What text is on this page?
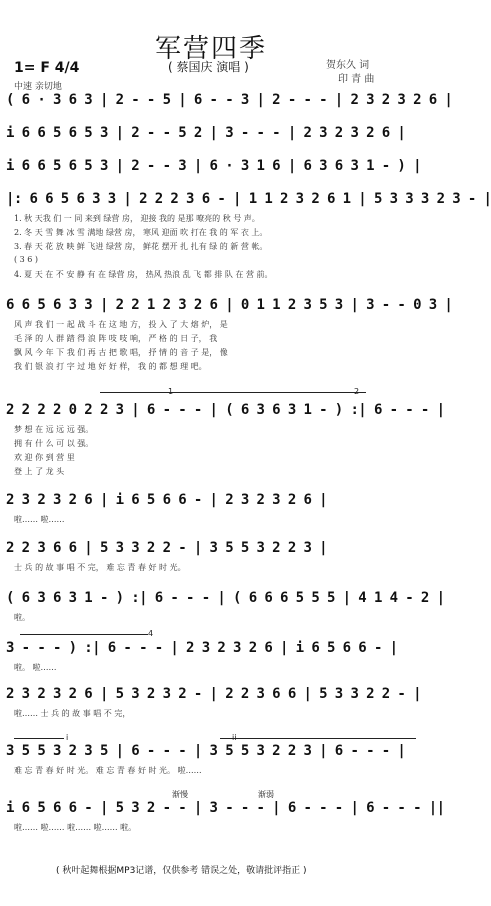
军营四季
( 蔡国庆 演唱 )	贺东久 词
印 青 曲
1= F 4/4
中速 亲切地
( 6 · 3 6 3 | 2 - - 5 | 6 - - 3 | 2 - - - | 2 3 2 3 2 6 |
i 6 6 5 6 5 3 | 2 - - 5 2 | 3 - - - | 2 3 2 3 2 6 |
i 6 6 5 6 5 3 | 2 - - 3 | 6 · 3 1 6 | 6 3 6 3 1 - ) |
|: 6 6 5 6 3 3 | 2 2 2 3 6 - | 1 1 2 3 2 6 1 | 5 3 3 3 2 3 - |
1. 秋 天我 们 一 同 来到 绿营 房， 迎接 我的 是那 嘹亮的 秋 号 声。
2. 冬 天 雪 舞 冰 雪 满地 绿营 房， 寒风 迎面 吹 打在 我 的 军 衣 上。
3. 春 天 花 放 映 鲜 飞进 绿营 房， 鲜花 摆开 扎 扎有 绿 的 新 营 帐。
( 3 6 )
4. 夏 天 在 不 安 静 有 在 绿营 房， 热风 热浪 乱 飞 都 排 队 在 营 前。
6 6 5 6 3 3 | 2 2 1 2 3 2 6 | 0 1 1 2 3 5 3 | 3 - - 0 3 |
风 声 我 们 一 起 战 斗 在 这 地 方， 投 入 了 大 熔 炉， 是
毛 泽 的 人 群 踏 得 浪 阵 吱 吱 响， 严 格 的 日 子， 我
飘 风 今 年 下 我 们 再 古 把 歌 唱， 抒 情 的 音 子 是， 像
我 们 银 浪 打 字 过 地 好 好 样， 我 的 都 想 理 吧。
2 2 2 2 0 2 2 3 | 6 - - - | ( 6 3 6 3 1 - ) :| 6 - - - |
梦 想 在 远 远 远 强。
拥 有 什 么 可 以 强。
欢 迎 你 到 营 里
登 上 了 龙 头
2 3 2 3 2 6 | i 6 5 6 6 - | 2 3 2 3 2 6 |
啦…… 啦……
2 2 3 6 6 | 5 3 3 2 2 - | 3 5 5 3 2 2 3 |
士 兵 的 故 事 唱 不 完， 难 忘 青 春 好 时 光。
( 6 3 6 3 1 - ) :| 6 - - - | ( 6 6 6 5 5 5 | 4 1 4 - 2 |
啦。
3 - - - ) :| 6 - - - | 2 3 2 3 2 6 | i 6 5 6 6 - |
啦。 啦……
2 3 2 3 2 6 | 5 3 2 3 2 - | 2 2 3 6 6 | 5 3 3 2 2 - |
啦…… 士 兵 的 故 事 唱 不 完，
3 5 5 3 2 3 5 | 6 - - - | 3 5 5 3 2 2 3 | 6 - - - |
难 忘 青 春 好 时 光。 难 忘 青 春 好 时 光。 啦……
i 6 5 6 6 - | 5 3 2 - - | 3 - - - | 6 - - - | 6 - - - ||
啦…… 啦…… 啦…… 啦…… 啦。
1	2
4
i	ii
渐慢	渐弱
( 秋叶起舞根据MP3记谱，仅供参考 错误之处，敬请批评指正 )
